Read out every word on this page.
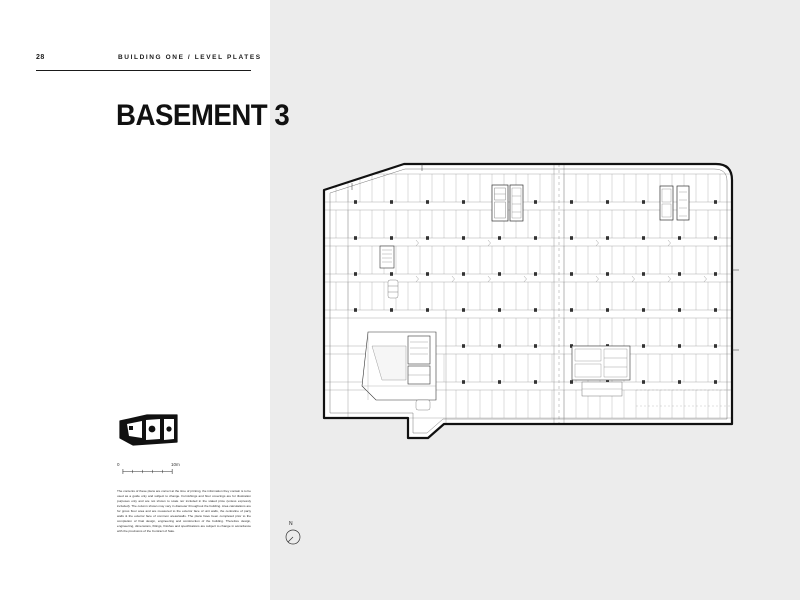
28	BUILDING ONE / LEVEL PLATES
BASEMENT 3
0	10m
The contents of these plans are correct at the time of printing, the information they contain is to be used as a guide only and subject to change. Furnishings and floor coverings are for illustration purposes only and are not shown to scale nor included in the stated price (unless expressly included). The column shown may vary in diameter throughout the building. Area calculations are for gross floor area and are measured to the exterior face of unit walls, the centreline of party walls & the exterior face of common areas/walls. The plans have been completed prior to the completion of final design, engineering and construction of the building. Therefore design, engineering, dimensions, fittings, finishes and specifications are subject to change in accordance with the provisions of the Contract of Sale.
N
